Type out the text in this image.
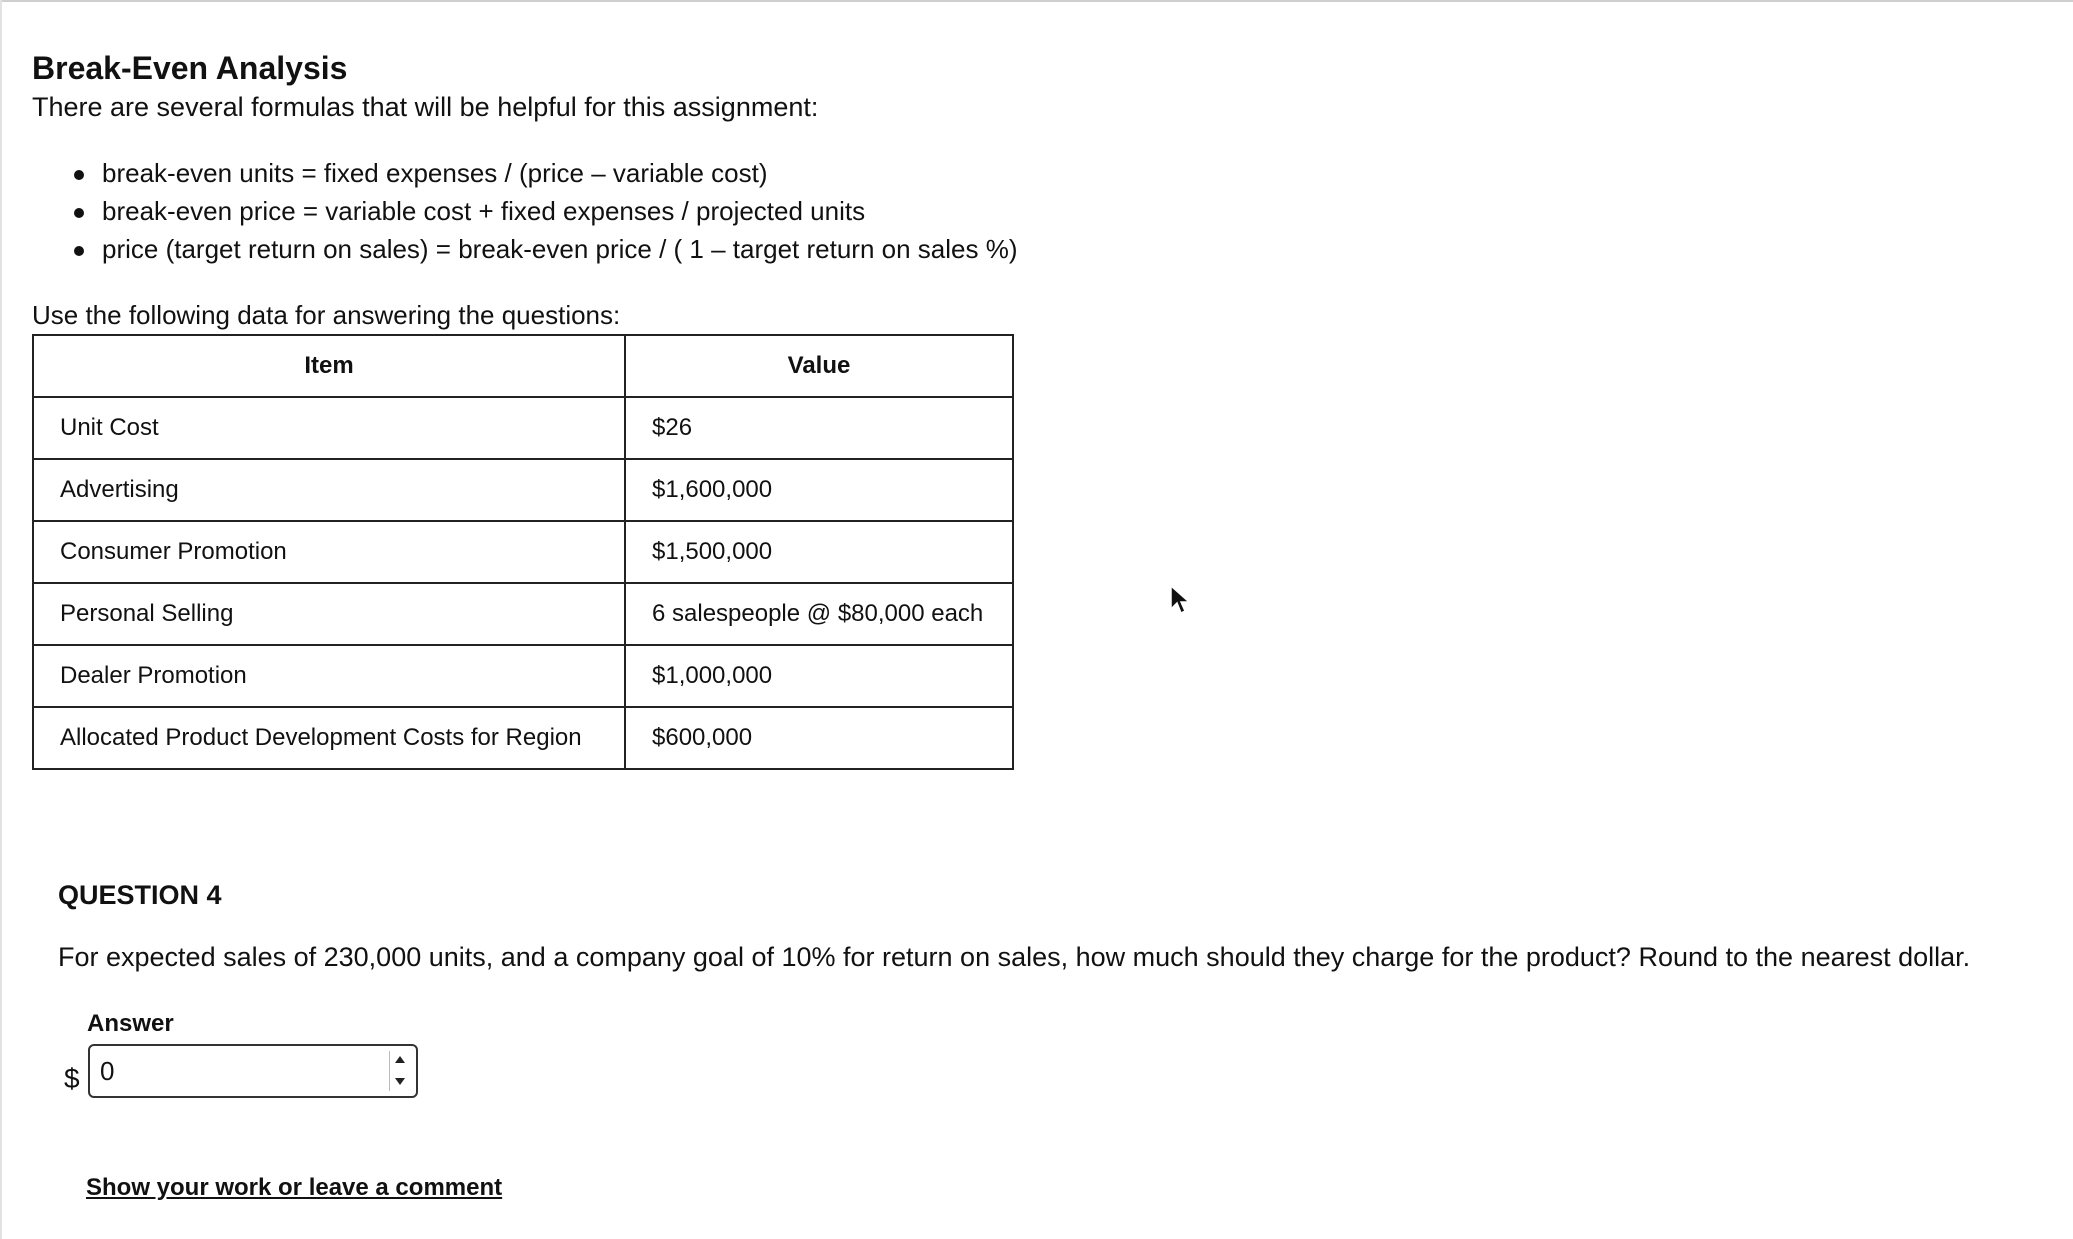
Break-Even Analysis

There are several formulas that will be helpful for this assignment:

break-even units = fixed expenses / (price – variable cost)
break-even price = variable cost + fixed expenses / projected units
price (target return on sales) = break-even price / ( 1 – target return on sales %)

Use the following data for answering the questions:

Item	Value
Unit Cost	$26
Advertising	$1,600,000
Consumer Promotion	$1,500,000
Personal Selling	6 salespeople @ $80,000 each
Dealer Promotion	$1,000,000
Allocated Product Development Costs for Region	$600,000
QUESTION 4

For expected sales of 230,000 units, and a company goal of 10% for return on sales, how much should they charge for the product? Round to the nearest dollar.

Answer
$
0
Show your work or leave a comment
